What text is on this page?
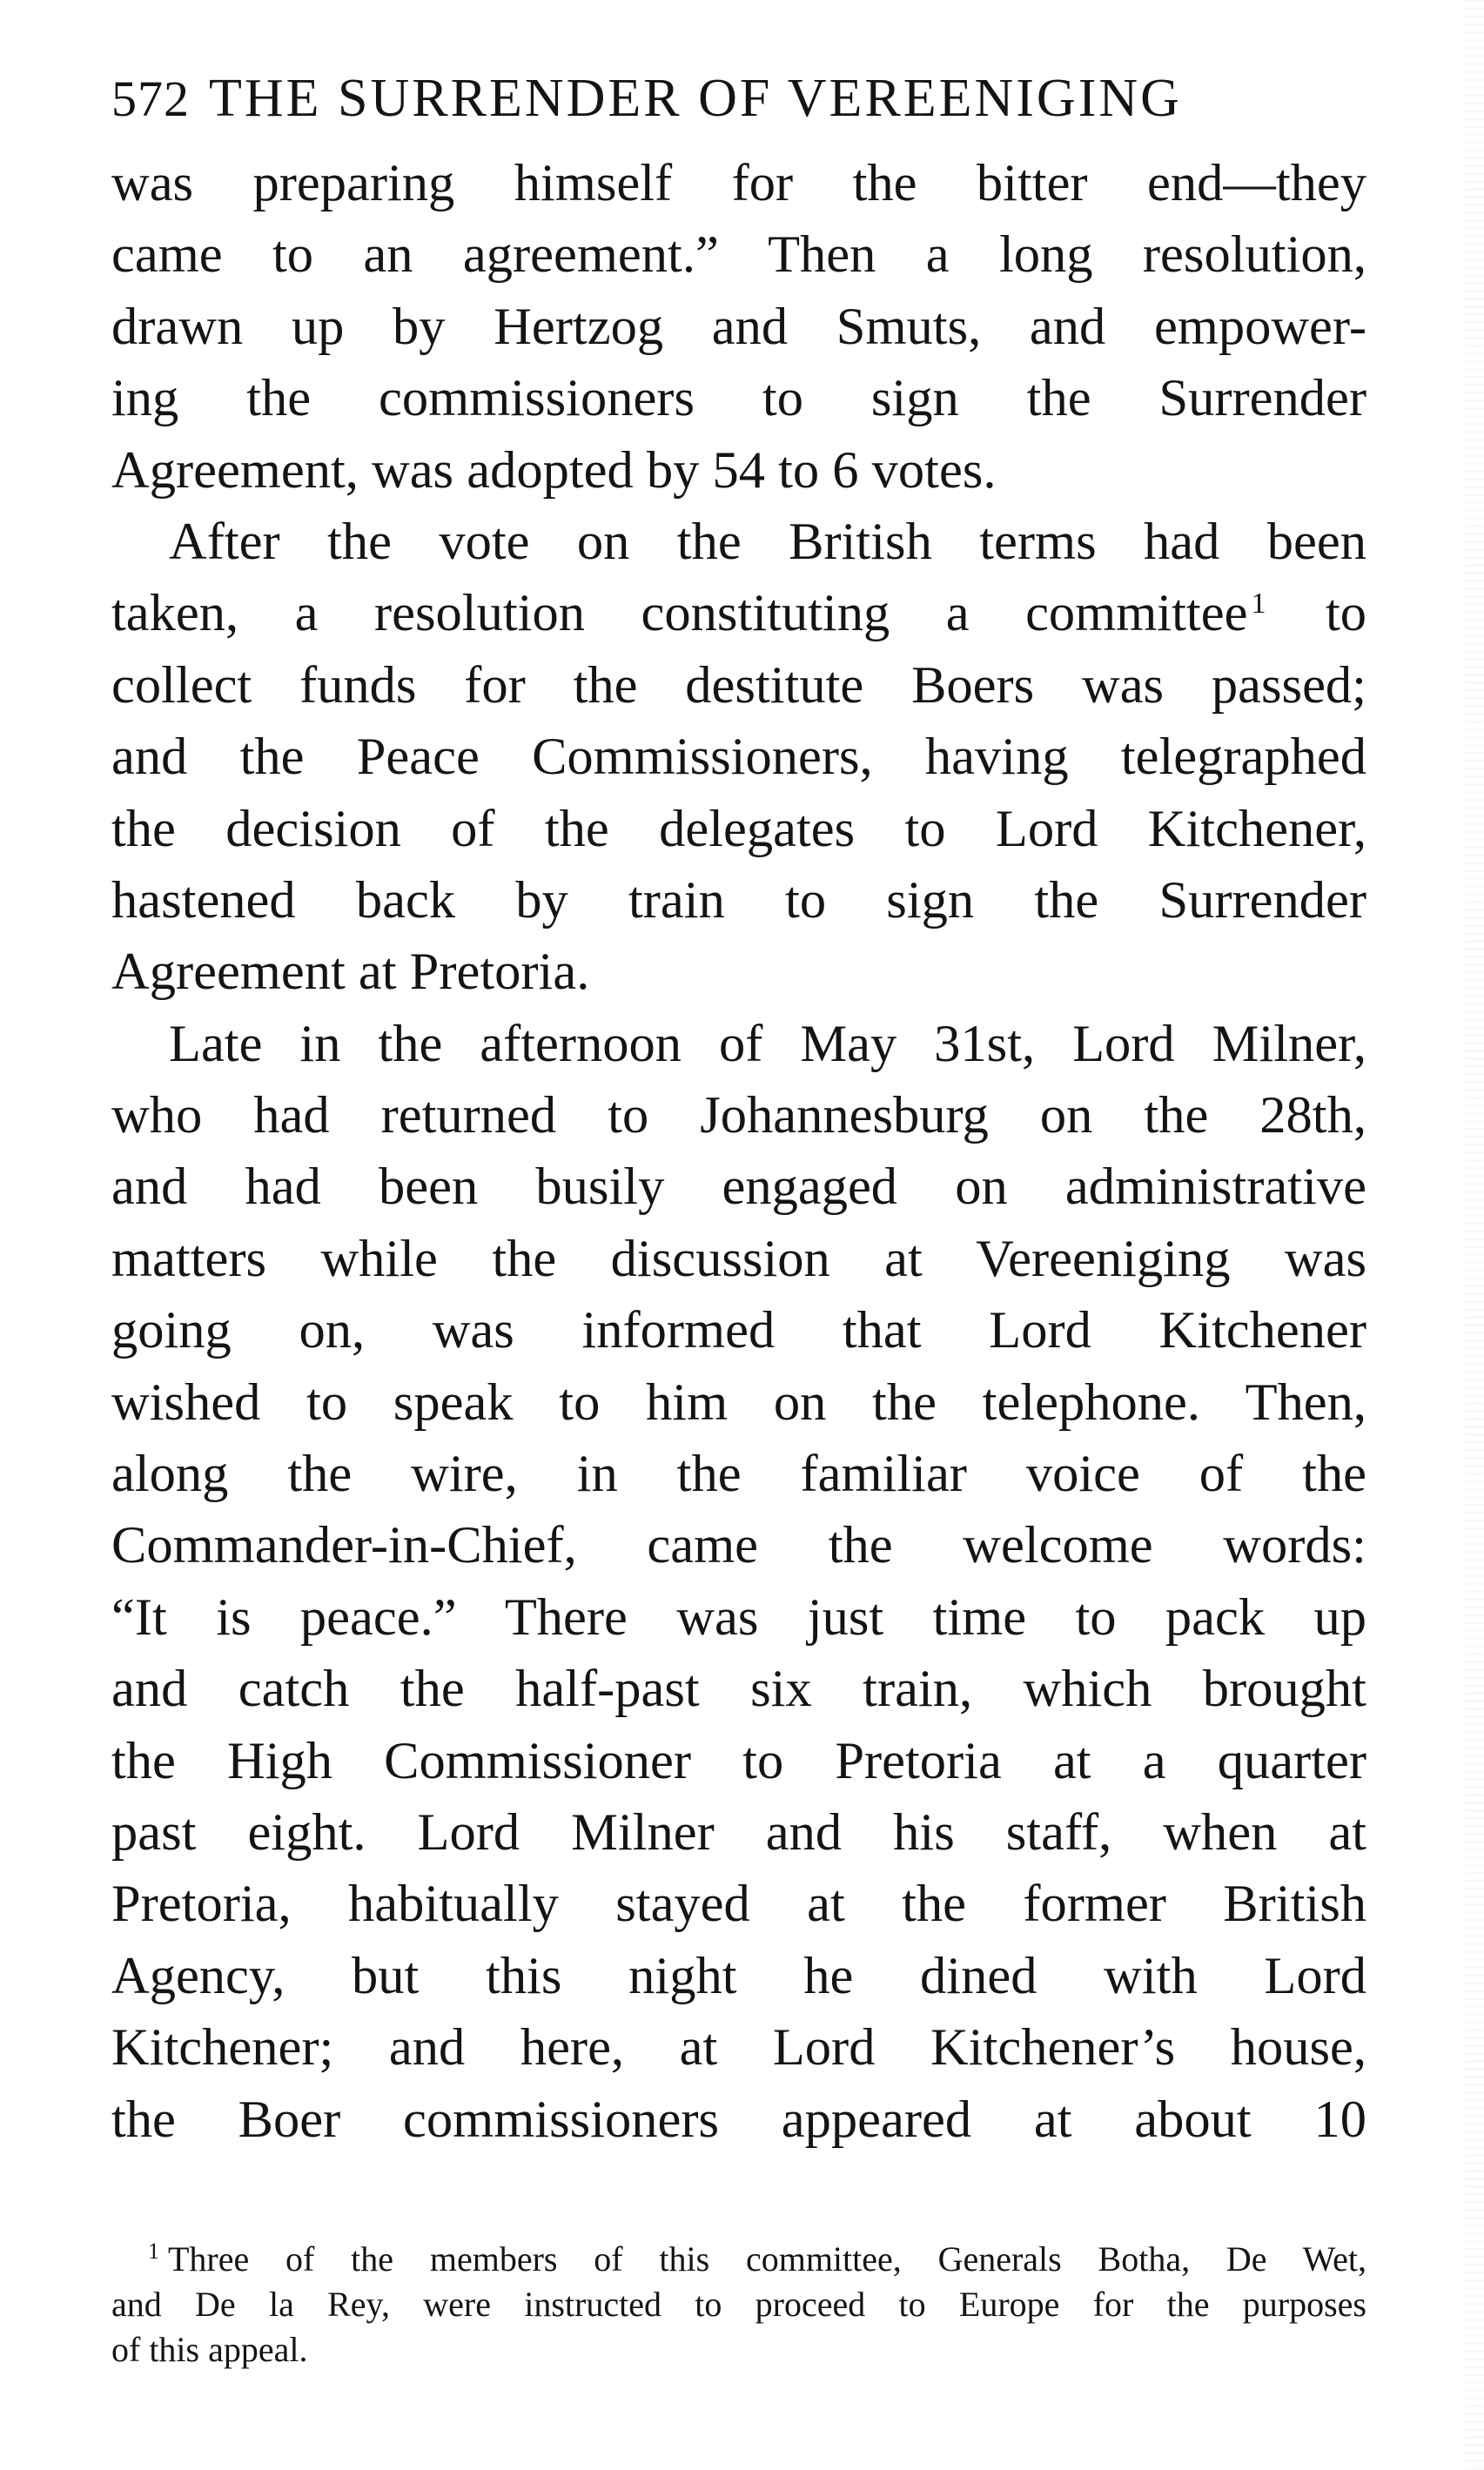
572 THE SURRENDER OF VEREENIGING
was preparing himself for the bitter end—they
came to an agreement.” Then a long resolution,
drawn up by Hertzog and Smuts, and empower-
ing the commissioners to sign the Surrender
Agreement, was adopted by 54 to 6 votes.
After the vote on the British terms had been
taken, a resolution constituting a committee $^1$ to
collect funds for the destitute Boers was passed;
and the Peace Commissioners, having telegraphed
the decision of the delegates to Lord Kitchener,
hastened back by train to sign the Surrender
Agreement at Pretoria.
Late in the afternoon of May 31st, Lord Milner,
who had returned to Johannesburg on the 28th,
and had been busily engaged on administrative
matters while the discussion at Vereeniging was
going on, was informed that Lord Kitchener
wished to speak to him on the telephone. Then,
along the wire, in the familiar voice of the
Commander-in-Chief, came the welcome words:
“It is peace.” There was just time to pack up
and catch the half-past six train, which brought
the High Commissioner to Pretoria at a quarter
past eight. Lord Milner and his staff, when at
Pretoria, habitually stayed at the former British
Agency, but this night he dined with Lord
Kitchener; and here, at Lord Kitchener’s house,
the Boer commissioners appeared at about 10
$^1$ Three of the members of this committee, Generals Botha, De Wet,
and De la Rey, were instructed to proceed to Europe for the purposes
of this appeal.
